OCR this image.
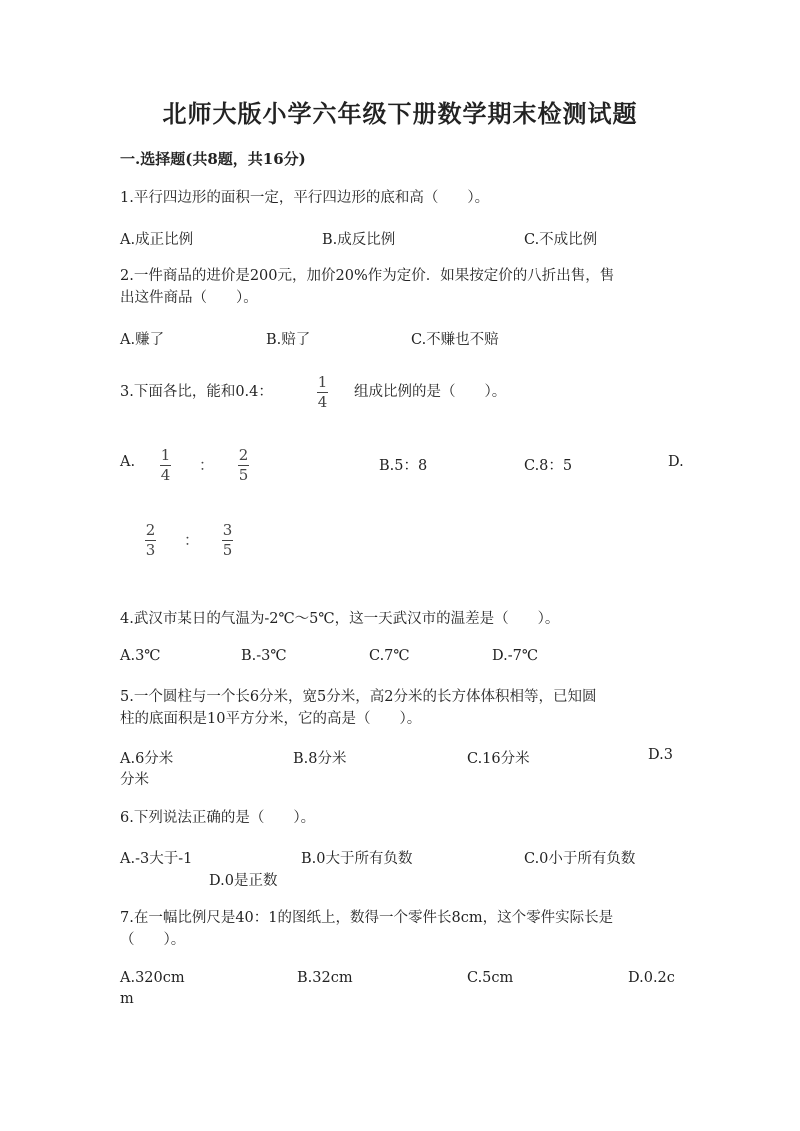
北师大版小学六年级下册数学期末检测试题
一.选择题(共8题，共16分)
1.平行四边形的面积一定，平行四边形的底和高（　　）。
A.成正比例	B.成反比例	C.不成比例
2.一件商品的进价是200元，加价20%作为定价．如果按定价的八折出售，售
出这件商品（　　）。
A.赚了	B.赔了	C.不赚也不赔
3.下面各比，能和0.4：
1
4
组成比例的是（　　）。
A. 1
4
：
2
5	B.5：8	C.8：5	D.
2
3
：
3
5
4.武汉市某日的气温为-2℃～5℃，这一天武汉市的温差是（　　）。
A.3℃	B.-3℃	C.7℃	D.-7℃
5.一个圆柱与一个长6分米，宽5分米，高2分米的长方体体积相等，已知圆
柱的底面积是10平方分米，它的高是（　　）。
A.6分米	B.8分米	C.16分米	D.3
分米
6.下列说法正确的是（　　）。
A.-3大于-1	B.0大于所有负数	C.0小于所有负数
D.0是正数
7.在一幅比例尺是40：1的图纸上，数得一个零件长8cm，这个零件实际长是
（　　）。
A.320cm	B.32cm	C.5cm	D.0.2c
m
